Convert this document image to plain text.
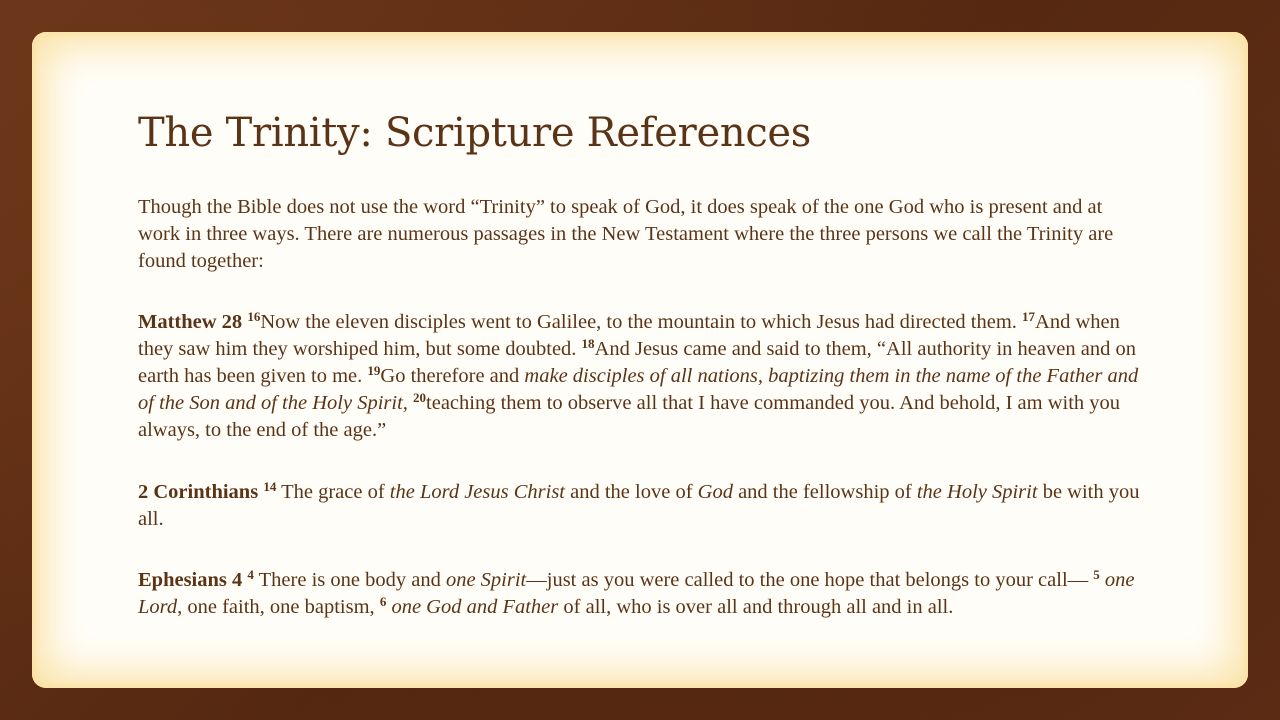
The Trinity: Scripture References

Though the Bible does not use the word “Trinity” to speak of God, it does speak of the one God who is present and at work in three ways. There are numerous passages in the New Testament where the three persons we call the Trinity are found together:

Matthew 28 $^{16}$Now the eleven disciples went to Galilee, to the mountain to which Jesus had directed them. $^{17}$And when they saw him they worshiped him, but some doubted. $^{18}$And Jesus came and said to them, “All authority in heaven and on earth has been given to me. $^{19}$Go therefore and make disciples of all nations, baptizing them in the name of the Father and of the Son and of the Holy Spirit, $^{20}$teaching them to observe all that I have commanded you. And behold, I am with you always, to the end of the age.”

2 Corinthians $^{14}$ The grace of the Lord Jesus Christ and the love of God and the fellowship of the Holy Spirit be with you all.

Ephesians 4 $^4$ There is one body and one Spirit—just as you were called to the one hope that belongs to your call— $^5$ one Lord, one faith, one baptism, $^6$ one God and Father of all, who is over all and through all and in all.
